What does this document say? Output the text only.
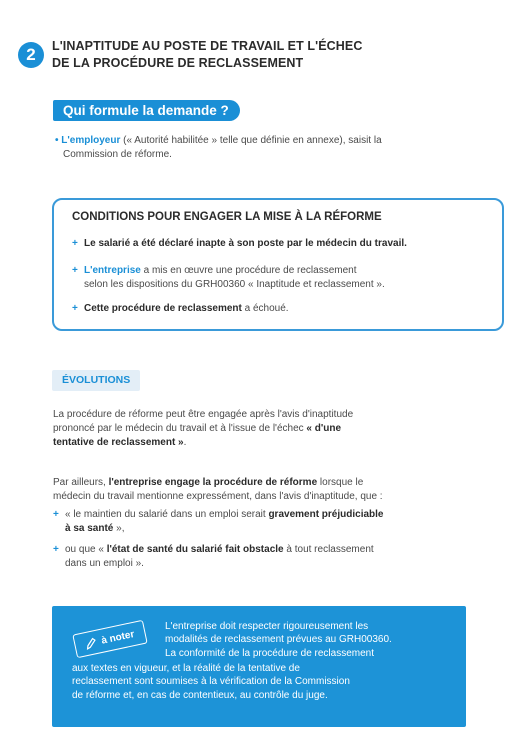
2 L'INAPTITUDE AU POSTE DE TRAVAIL ET L'ÉCHEC
DE LA PROCÉDURE DE RECLASSEMENT
Qui formule la demande ?
• L'employeur (« Autorité habilitée » telle que définie en annexe), saisit la
Commission de réforme.
CONDITIONS POUR ENGAGER LA MISE À LA RÉFORME
+ Le salarié a été déclaré inapte à son poste par le médecin du travail.
+ L'entreprise a mis en œuvre une procédure de reclassement
selon les dispositions du GRH00360 « Inaptitude et reclassement ».
+ Cette procédure de reclassement a échoué.
ÉVOLUTIONS
La procédure de réforme peut être engagée après l'avis d'inaptitude
prononcé par le médecin du travail et à l'issue de l'échec « d'une
tentative de reclassement ».
Par ailleurs, l'entreprise engage la procédure de réforme lorsque le
médecin du travail mentionne expressément, dans l'avis d'inaptitude, que :
+ « le maintien du salarié dans un emploi serait gravement préjudiciable
à sa santé »,
+ ou que « l'état de santé du salarié fait obstacle à tout reclassement
dans un emploi ».
à noter
L'entreprise doit respecter rigoureusement les
modalités de reclassement prévues au GRH00360.
La conformité de la procédure de reclassement
aux textes en vigueur, et la réalité de la tentative de
reclassement sont soumises à la vérification de la Commission
de réforme et, en cas de contentieux, au contrôle du juge.
